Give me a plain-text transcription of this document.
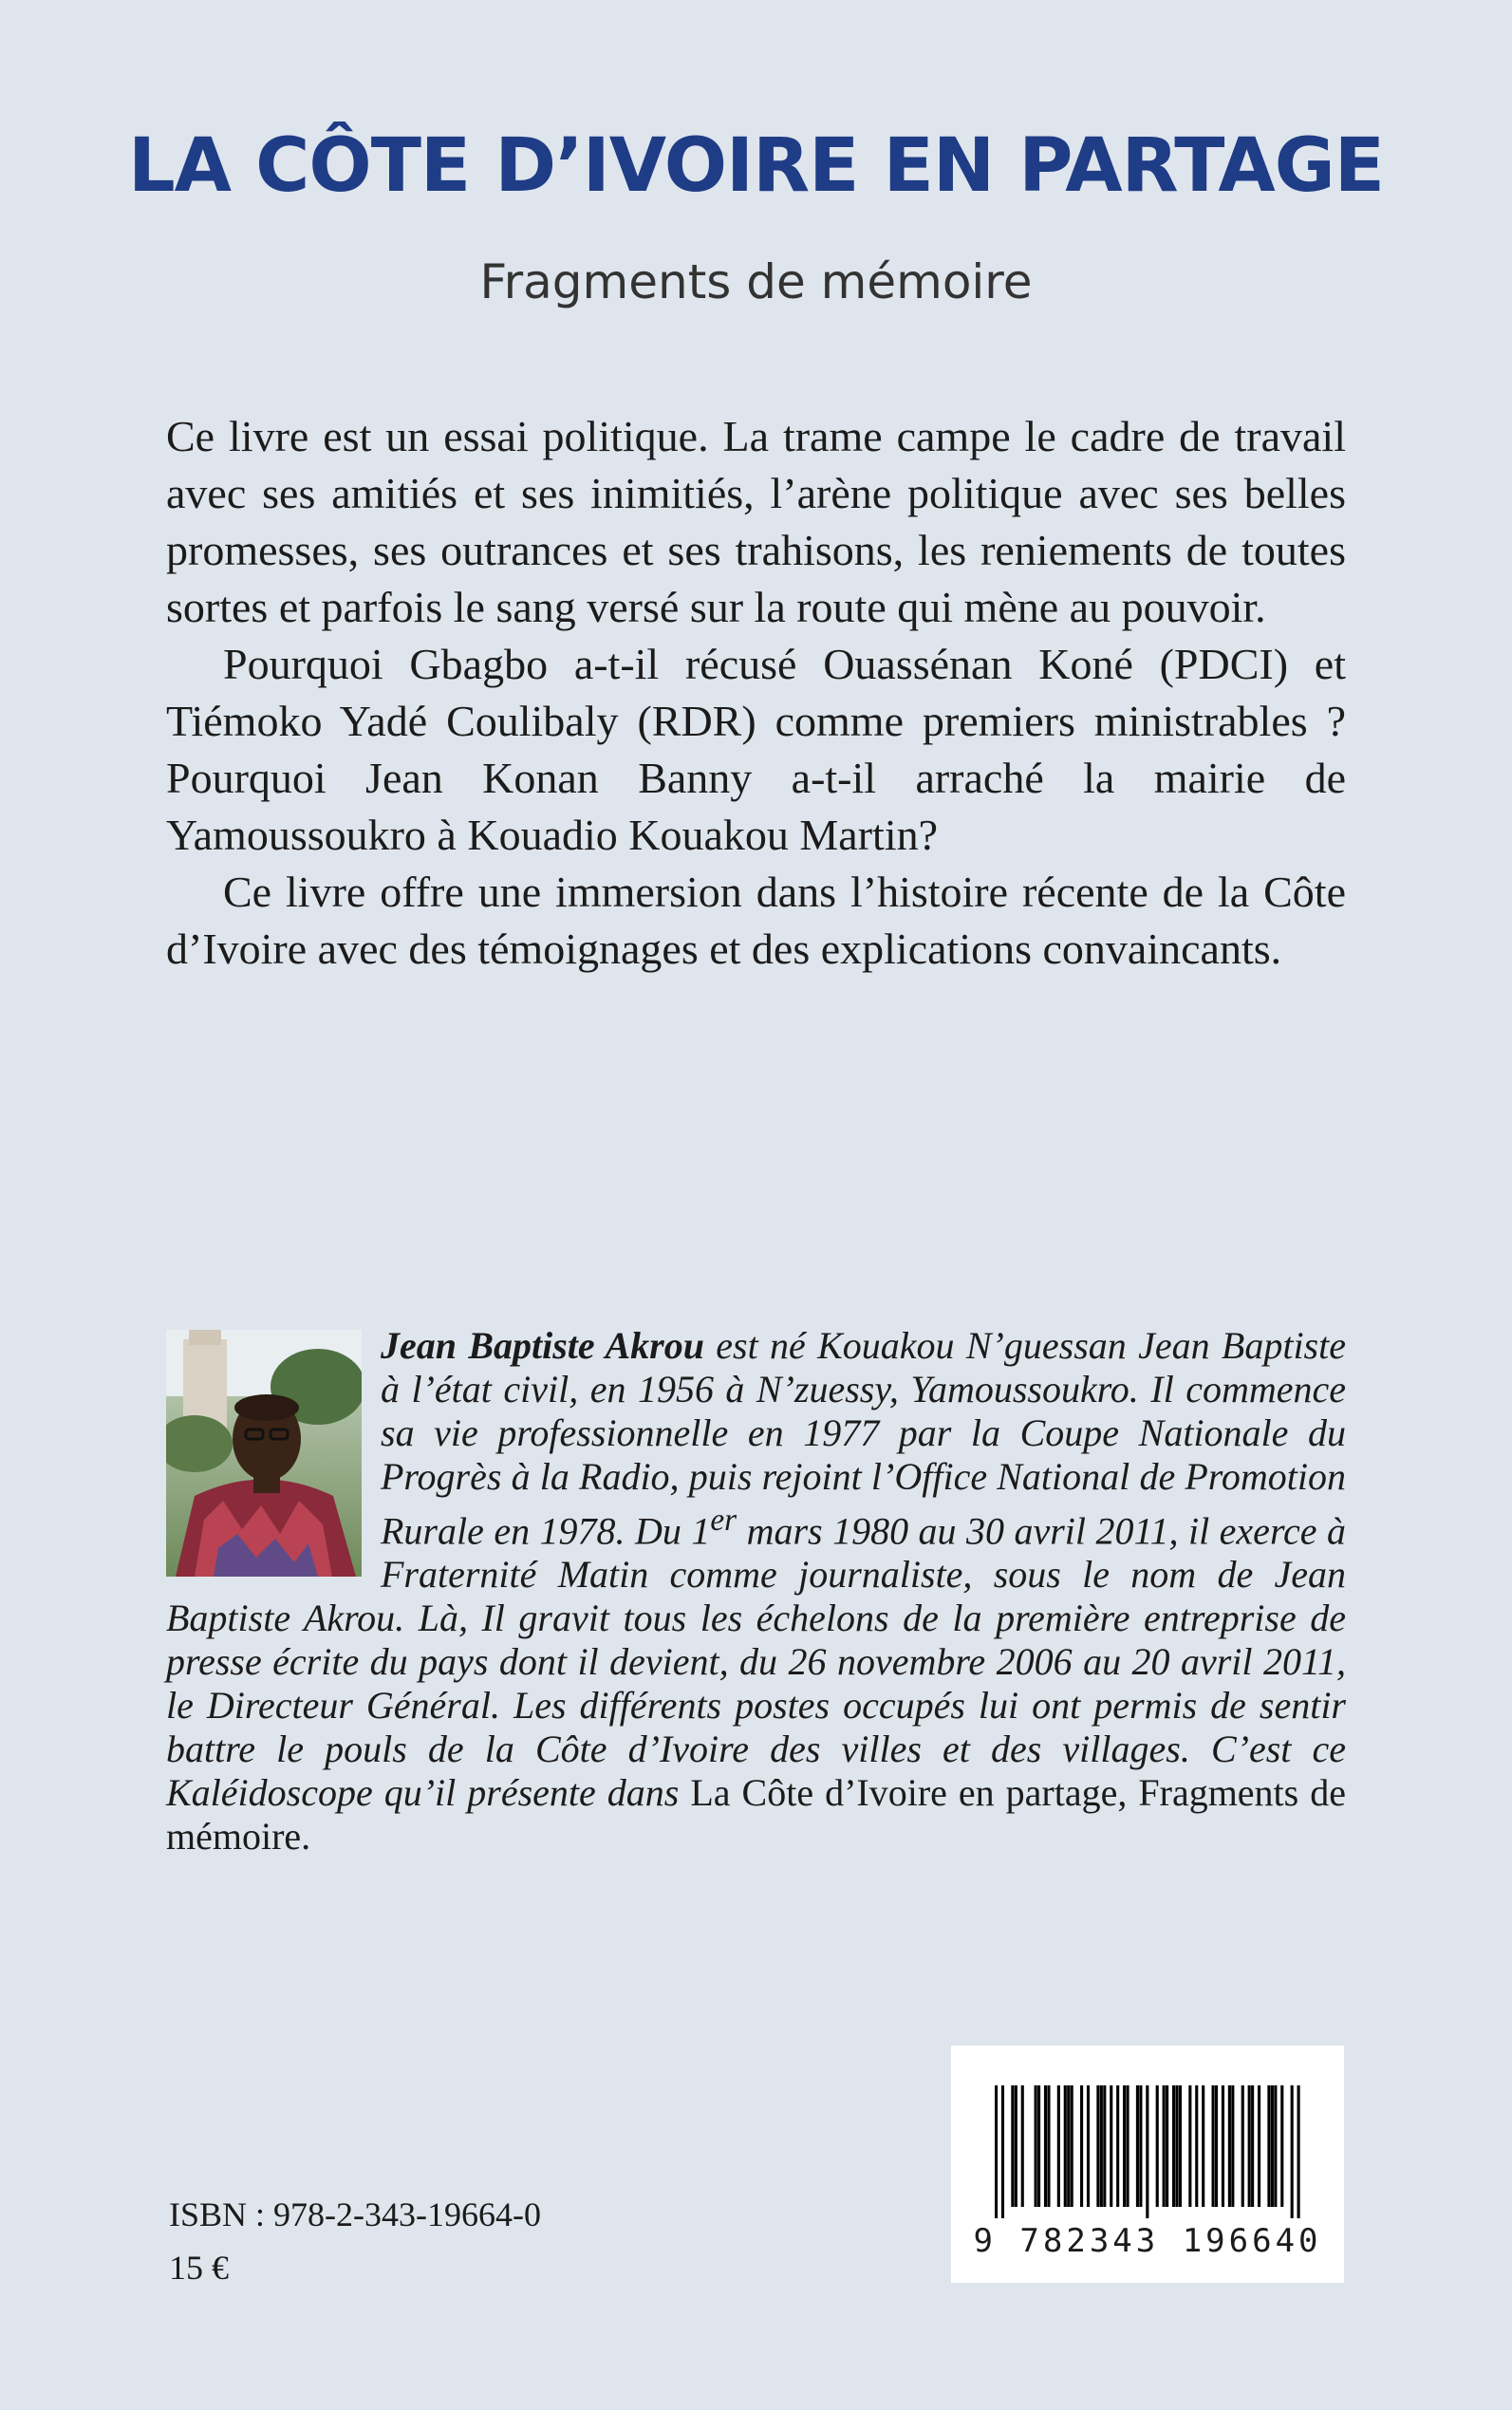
LA CÔTE D’IVOIRE EN PARTAGE
Fragments de mémoire

Ce livre est un essai politique. La trame campe le cadre de travail avec ses amitiés et ses inimitiés, l’arène politique avec ses belles promesses, ses outrances et ses trahisons, les reniements de toutes sortes et parfois le sang versé sur la route qui mène au pouvoir.

Pourquoi Gbagbo a-t-il récusé Ouassénan Koné (PDCI) et Tiémoko Yadé Coulibaly (RDR) comme premiers ministrables ? Pourquoi Jean Konan Banny a-t-il arraché la mairie de Yamoussoukro à Kouadio Kouakou Martin?

Ce livre offre une immersion dans l’histoire récente de la Côte d’Ivoire avec des témoignages et des explications convaincants.

Jean Baptiste Akrou est né Kouakou N’guessan Jean Baptiste à l’état civil, en 1956 à N’zuessy, Yamoussoukro. Il commence sa vie professionnelle en 1977 par la Coupe Nationale du Progrès à la Radio, puis rejoint l’Office National de Promotion Rurale en 1978. Du 1er mars 1980 au 30 avril 2011, il exerce à Fraternité Matin comme journaliste, sous le nom de Jean Baptiste Akrou. Là, Il gravit tous les échelons de la première entreprise de presse écrite du pays dont il devient, du 26 novembre 2006 au 20 avril 2011, le Directeur Général. Les différents postes occupés lui ont permis de sentir battre le pouls de la Côte d’Ivoire des villes et des villages. C’est ce Kaléidoscope qu’il présente dans La Côte d’Ivoire en partage, Fragments de mémoire.
ISBN : 978-2-343-19664-0
15 €
9 782343 196640
